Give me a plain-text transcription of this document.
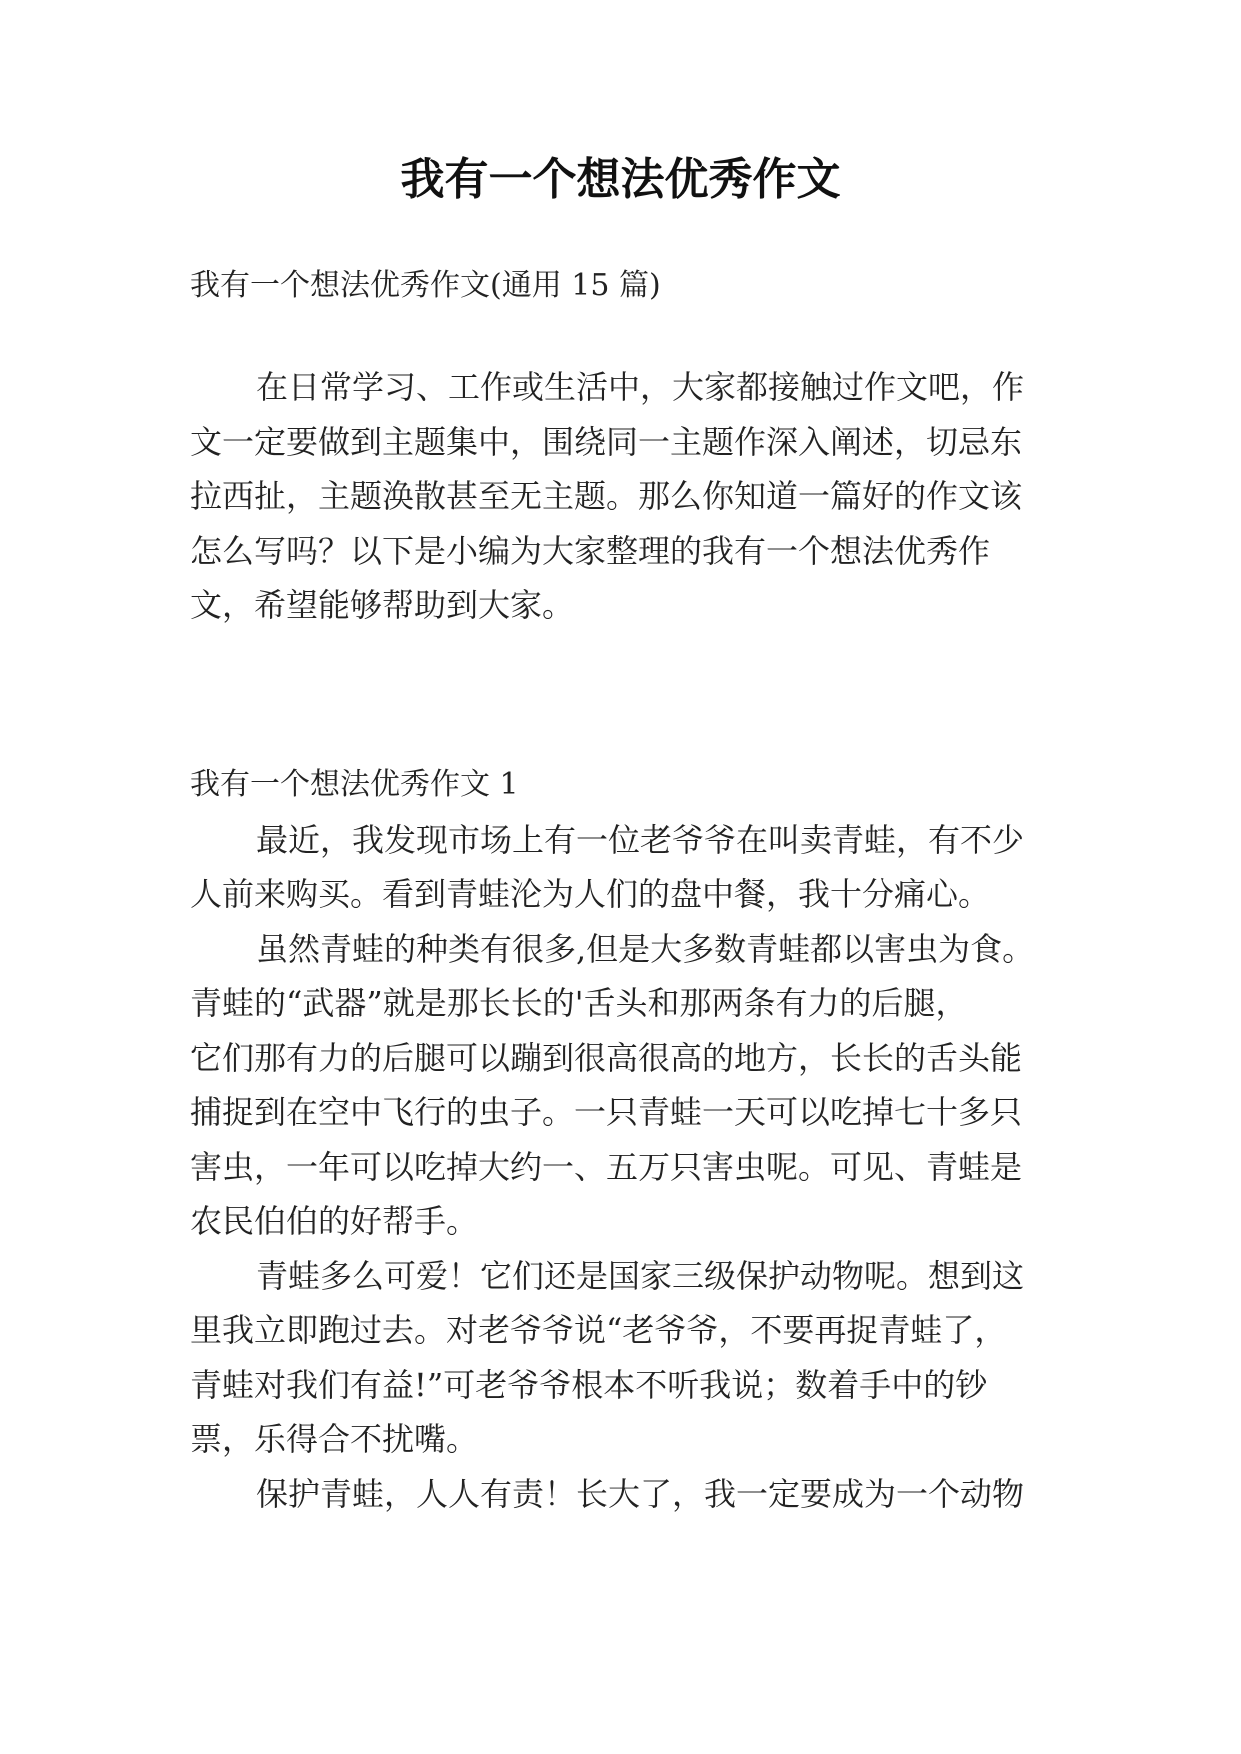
我有一个想法优秀作文
我有一个想法优秀作文(通用 15 篇)
在日常学习、工作或生活中，大家都接触过作文吧，作
文一定要做到主题集中，围绕同一主题作深入阐述，切忌东
拉西扯，主题涣散甚至无主题。那么你知道一篇好的作文该
怎么写吗？以下是小编为大家整理的我有一个想法优秀作
文，希望能够帮助到大家。
我有一个想法优秀作文 1
最近，我发现市场上有一位老爷爷在叫卖青蛙，有不少
人前来购买。看到青蛙沦为人们的盘中餐，我十分痛心。
虽然青蛙的种类有很多,但是大多数青蛙都以害虫为食。
青蛙的“武器”就是那长长的'舌头和那两条有力的后腿，
它们那有力的后腿可以蹦到很高很高的地方，长长的舌头能
捕捉到在空中飞行的虫子。一只青蛙一天可以吃掉七十多只
害虫，一年可以吃掉大约一、五万只害虫呢。可见、青蛙是
农民伯伯的好帮手。
青蛙多么可爱！它们还是国家三级保护动物呢。想到这
里我立即跑过去。对老爷爷说“老爷爷，不要再捉青蛙了，
青蛙对我们有益!”可老爷爷根本不听我说；数着手中的钞
票，乐得合不扰嘴。
保护青蛙，人人有责！长大了，我一定要成为一个动物
